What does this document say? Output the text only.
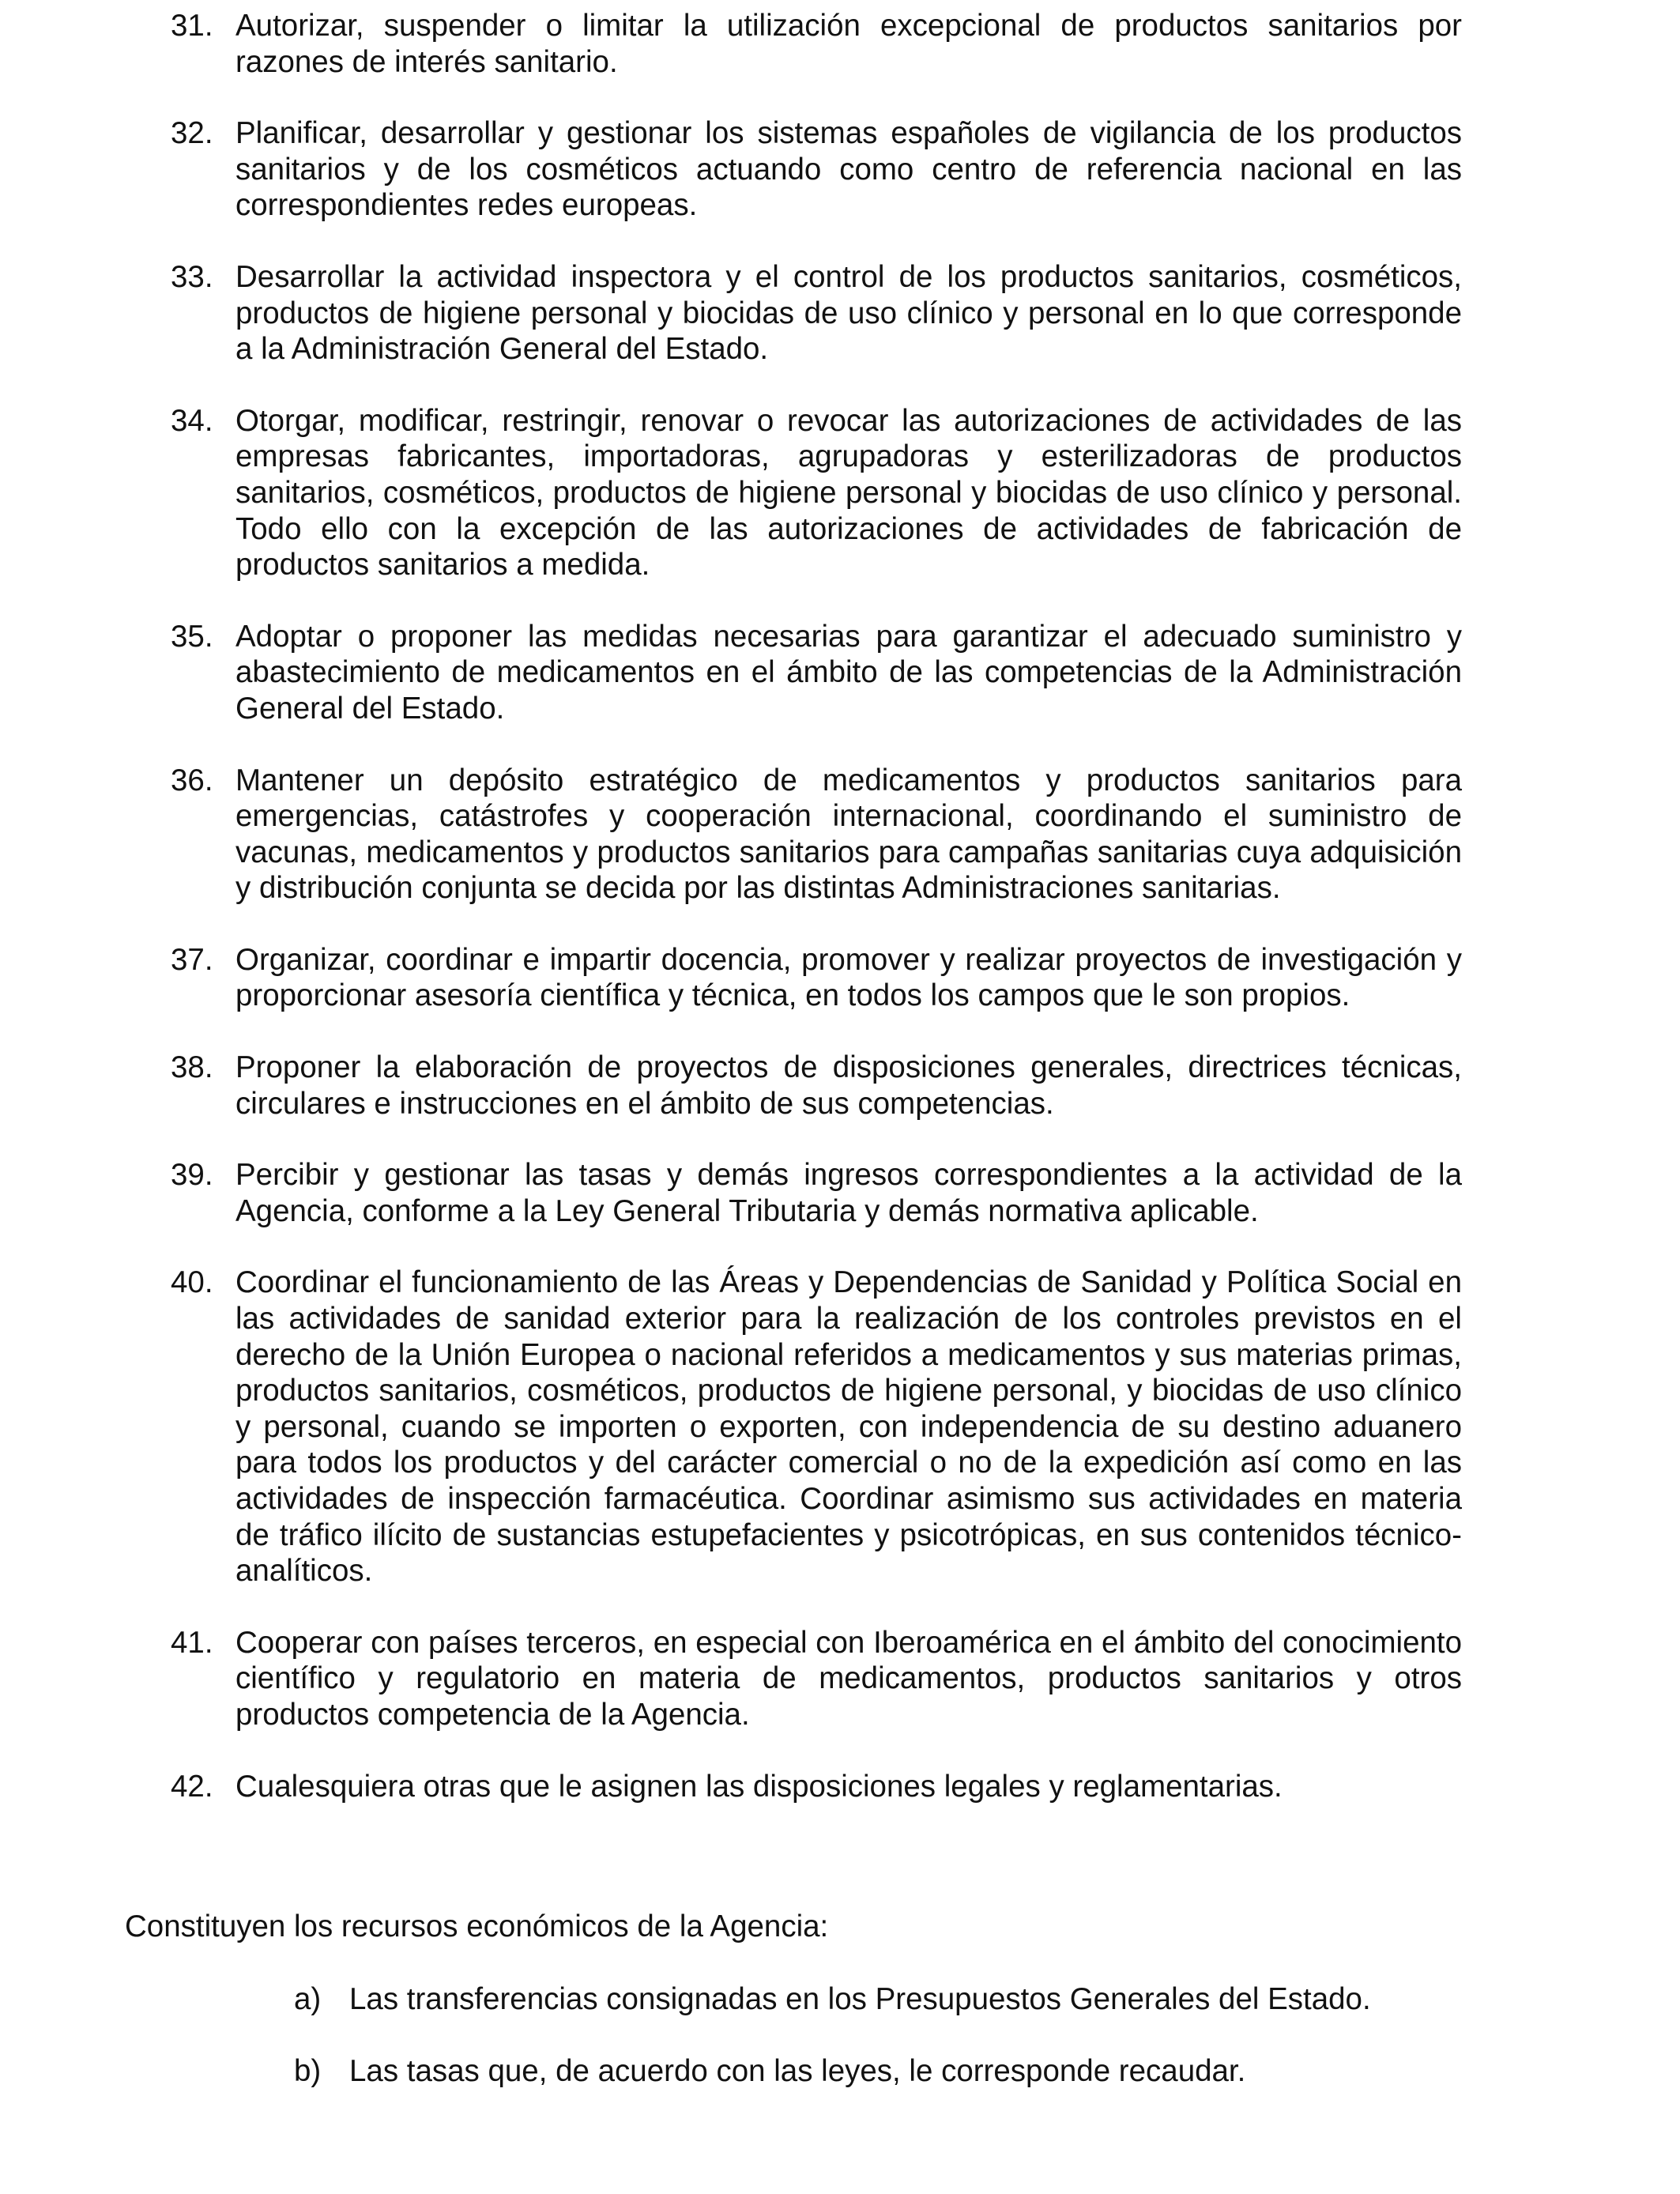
31. Autorizar, suspender o limitar la utilización excepcional de productos sanitarios por razones de interés sanitario.
32. Planificar, desarrollar y gestionar los sistemas españoles de vigilancia de los productos sanitarios y de los cosméticos actuando como centro de referencia nacional en las correspondientes redes europeas.
33. Desarrollar la actividad inspectora y el control de los productos sanitarios, cosméticos, productos de higiene personal y biocidas de uso clínico y personal en lo que corresponde a la Administración General del Estado.
34. Otorgar, modificar, restringir, renovar o revocar las autorizaciones de actividades de las empresas fabricantes, importadoras, agrupadoras y esterilizadoras de productos sanitarios, cosméticos, productos de higiene personal y biocidas de uso clínico y personal. Todo ello con la excepción de las autorizaciones de actividades de fabricación de productos sanitarios a medida.
35. Adoptar o proponer las medidas necesarias para garantizar el adecuado suministro y abastecimiento de medicamentos en el ámbito de las competencias de la Administración General del Estado.
36. Mantener un depósito estratégico de medicamentos y productos sanitarios para emergencias, catástrofes y cooperación internacional, coordinando el suministro de vacunas, medicamentos y productos sanitarios para campañas sanitarias cuya adquisición y distribución conjunta se decida por las distintas Administraciones sanitarias.
37. Organizar, coordinar e impartir docencia, promover y realizar proyectos de investigación y proporcionar asesoría científica y técnica, en todos los campos que le son propios.
38. Proponer la elaboración de proyectos de disposiciones generales, directrices técnicas, circulares e instrucciones en el ámbito de sus competencias.
39. Percibir y gestionar las tasas y demás ingresos correspondientes a la actividad de la Agencia, conforme a la Ley General Tributaria y demás normativa aplicable.
40. Coordinar el funcionamiento de las Áreas y Dependencias de Sanidad y Política Social en las actividades de sanidad exterior para la realización de los controles previstos en el derecho de la Unión Europea o nacional referidos a medicamentos y sus materias primas, productos sanitarios, cosméticos, productos de higiene personal, y biocidas de uso clínico y personal, cuando se importen o exporten, con independencia de su destino aduanero para todos los productos y del carácter comercial o no de la expedición así como en las actividades de inspección farmacéutica. Coordinar asimismo sus actividades en materia de tráfico ilícito de sustancias estupefacientes y psicotrópicas, en sus contenidos técnico-analíticos.
41. Cooperar con países terceros, en especial con Iberoamérica en el ámbito del conocimiento científico y regulatorio en materia de medicamentos, productos sanitarios y otros productos competencia de la Agencia.
42. Cualesquiera otras que le asignen las disposiciones legales y reglamentarias.

Constituyen los recursos económicos de la Agencia:

a) Las transferencias consignadas en los Presupuestos Generales del Estado.
b) Las tasas que, de acuerdo con las leyes, le corresponde recaudar.
